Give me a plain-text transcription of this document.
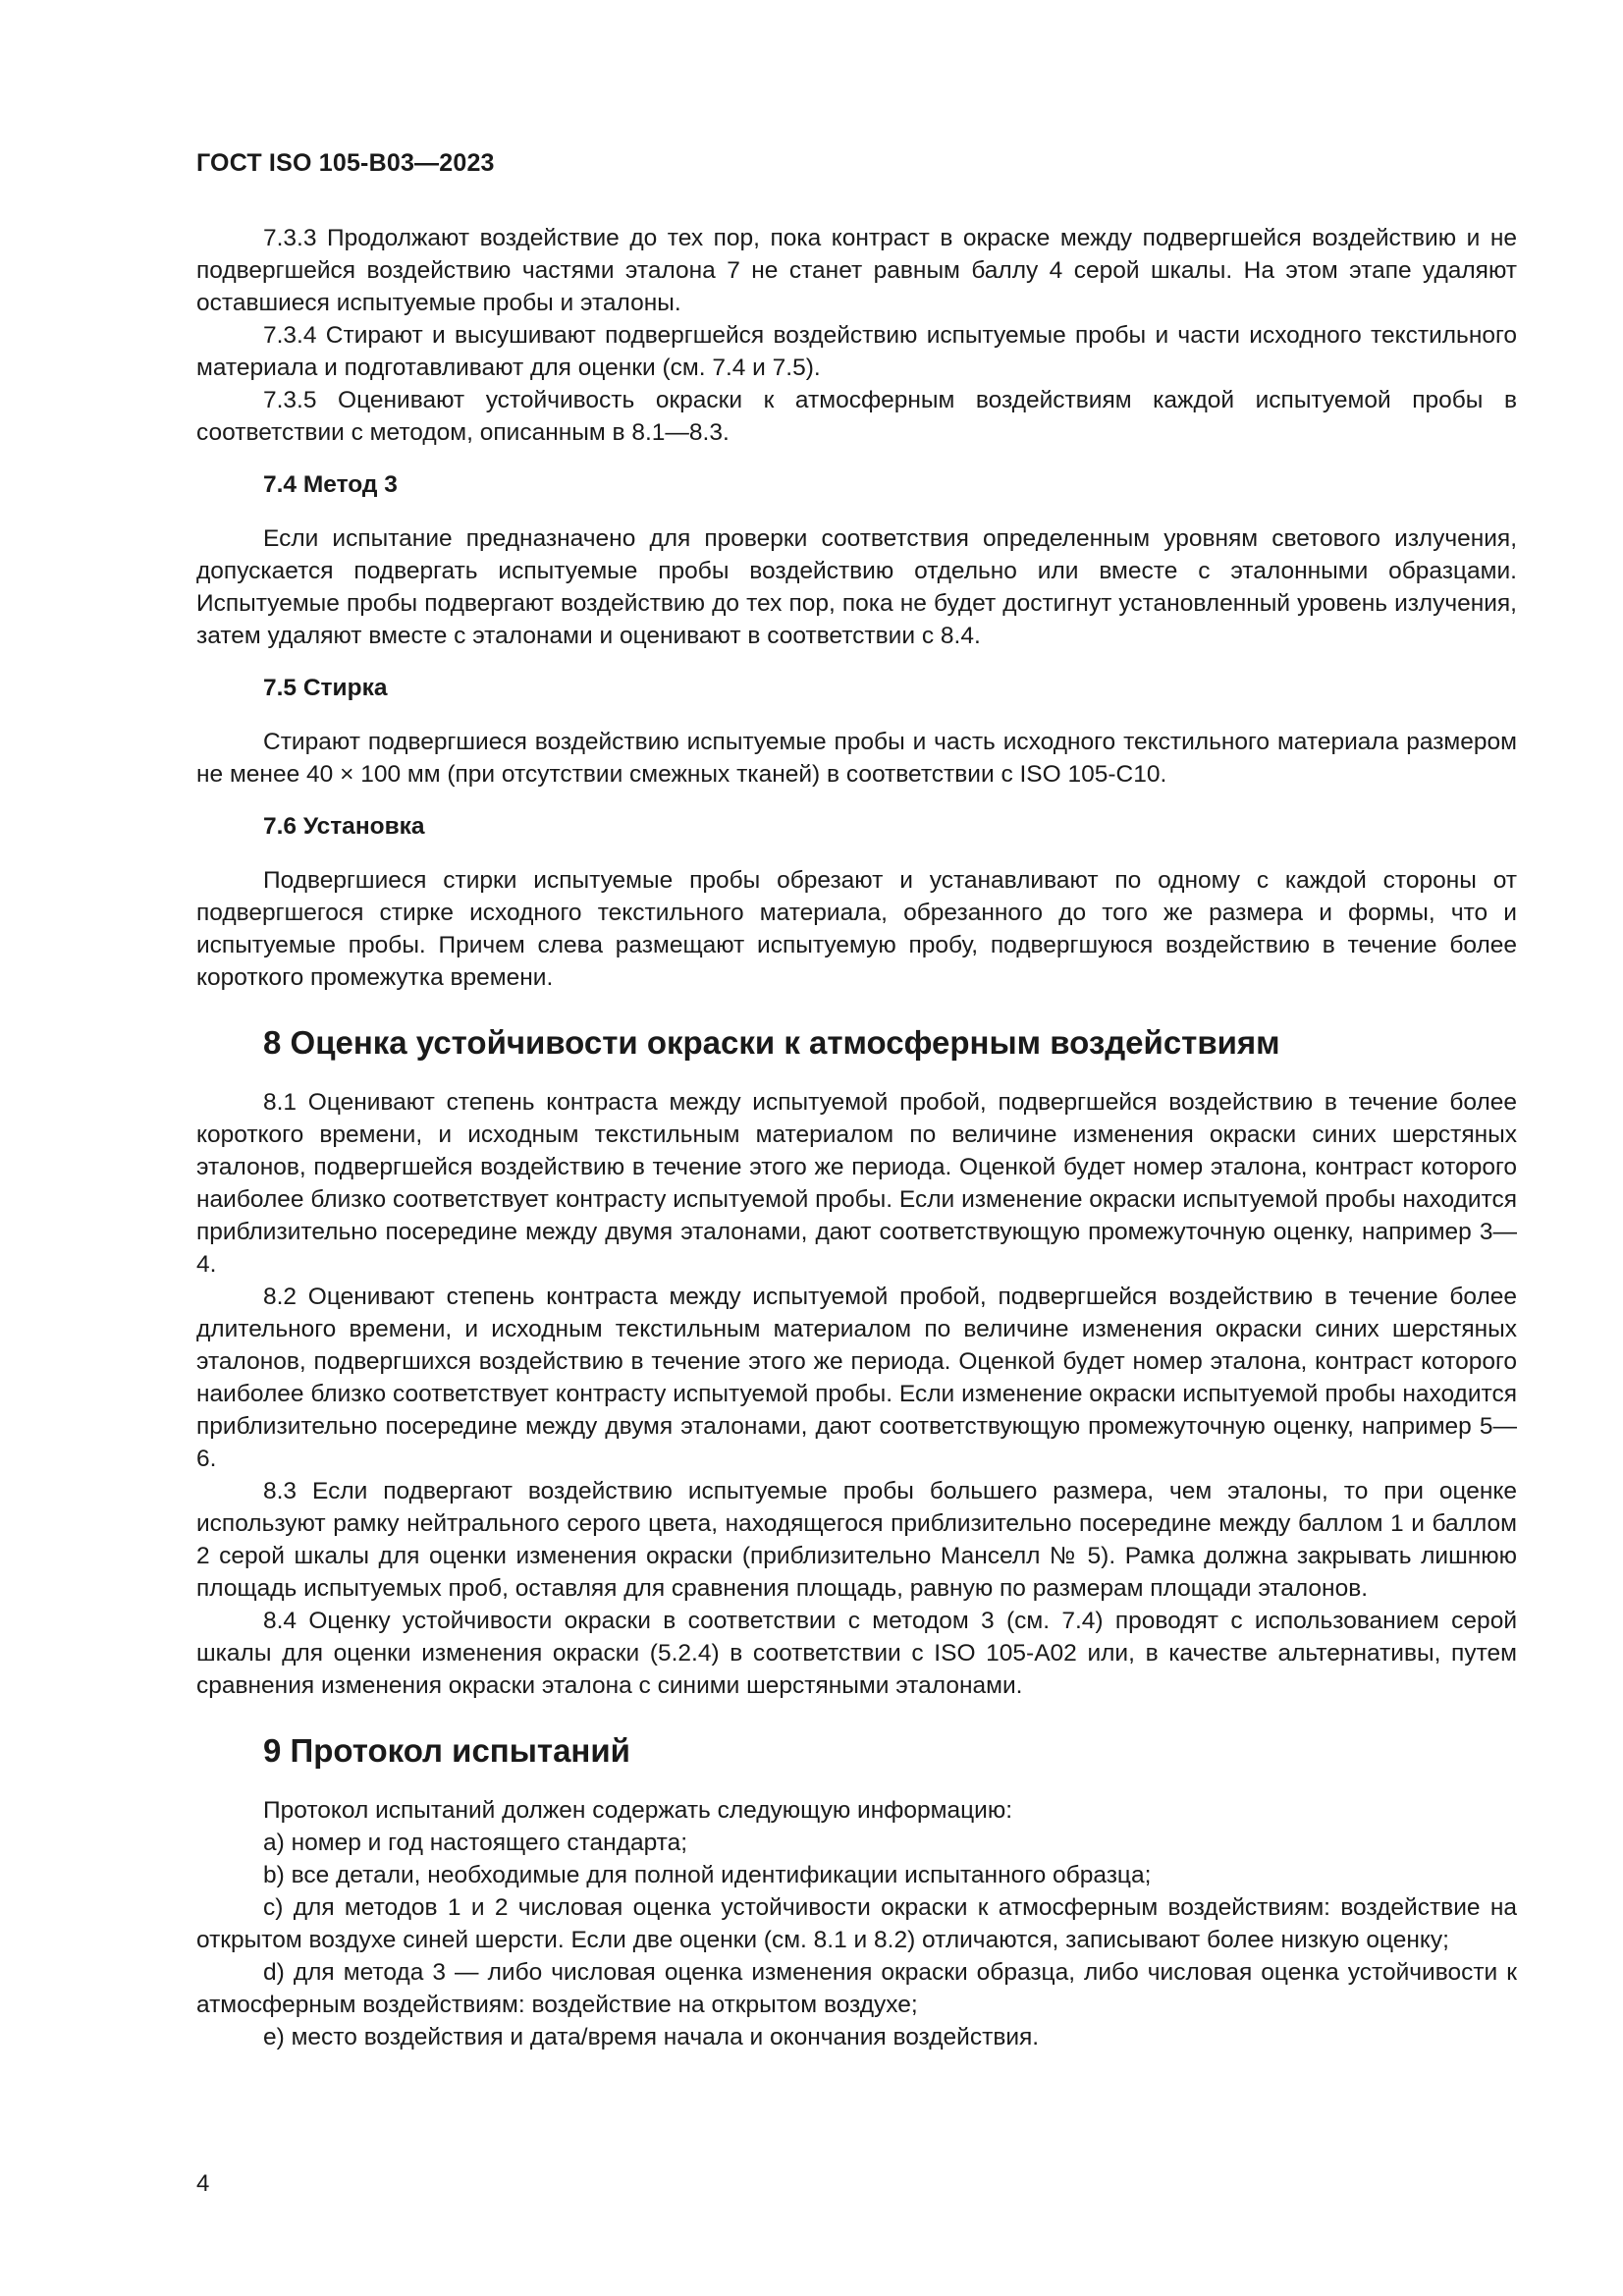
ГОСТ ISO 105-B03—2023

7.3.3 Продолжают воздействие до тех пор, пока контраст в окраске между подвергшейся воздействию и не подвергшейся воздействию частями эталона 7 не станет равным баллу 4 серой шкалы. На этом этапе удаляют оставшиеся испытуемые пробы и эталоны.

7.3.4 Стирают и высушивают подвергшейся воздействию испытуемые пробы и части исходного текстильного материала и подготавливают для оценки (см. 7.4 и 7.5).

7.3.5 Оценивают устойчивость окраски к атмосферным воздействиям каждой испытуемой пробы в соответствии с методом, описанным в 8.1—8.3.

7.4 Метод 3

Если испытание предназначено для проверки соответствия определенным уровням светового излучения, допускается подвергать испытуемые пробы воздействию отдельно или вместе с эталонными образцами. Испытуемые пробы подвергают воздействию до тех пор, пока не будет достигнут установленный уровень излучения, затем удаляют вместе с эталонами и оценивают в соответствии с 8.4.

7.5 Стирка

Стирают подвергшиеся воздействию испытуемые пробы и часть исходного текстильного материала размером не менее 40 × 100 мм (при отсутствии смежных тканей) в соответствии с ISO 105-C10.

7.6 Установка

Подвергшиеся стирки испытуемые пробы обрезают и устанавливают по одному с каждой стороны от подвергшегося стирке исходного текстильного материала, обрезанного до того же размера и формы, что и испытуемые пробы. Причем слева размещают испытуемую пробу, подвергшуюся воздействию в течение более короткого промежутка времени.

8 Оценка устойчивости окраски к атмосферным воздействиям

8.1 Оценивают степень контраста между испытуемой пробой, подвергшейся воздействию в течение более короткого времени, и исходным текстильным материалом по величине изменения окраски синих шерстяных эталонов, подвергшейся воздействию в течение этого же периода. Оценкой будет номер эталона, контраст которого наиболее близко соответствует контрасту испытуемой пробы. Если изменение окраски испытуемой пробы находится приблизительно посередине между двумя эталонами, дают соответствующую промежуточную оценку, например 3—4.

8.2 Оценивают степень контраста между испытуемой пробой, подвергшейся воздействию в течение более длительного времени, и исходным текстильным материалом по величине изменения окраски синих шерстяных эталонов, подвергшихся воздействию в течение этого же периода. Оценкой будет номер эталона, контраст которого наиболее близко соответствует контрасту испытуемой пробы. Если изменение окраски испытуемой пробы находится приблизительно посередине между двумя эталонами, дают соответствующую промежуточную оценку, например 5—6.

8.3 Если подвергают воздействию испытуемые пробы большего размера, чем эталоны, то при оценке используют рамку нейтрального серого цвета, находящегося приблизительно посередине между баллом 1 и баллом 2 серой шкалы для оценки изменения окраски (приблизительно Манселл № 5). Рамка должна закрывать лишнюю площадь испытуемых проб, оставляя для сравнения площадь, равную по размерам площади эталонов.

8.4 Оценку устойчивости окраски в соответствии с методом 3 (см. 7.4) проводят с использованием серой шкалы для оценки изменения окраски (5.2.4) в соответствии с ISO 105-A02 или, в качестве альтернативы, путем сравнения изменения окраски эталона с синими шерстяными эталонами.

9 Протокол испытаний

Протокол испытаний должен содержать следующую информацию:

a) номер и год настоящего стандарта;

b) все детали, необходимые для полной идентификации испытанного образца;

c) для методов 1 и 2 числовая оценка устойчивости окраски к атмосферным воздействиям: воздействие на открытом воздухе синей шерсти. Если две оценки (см. 8.1 и 8.2) отличаются, записывают более низкую оценку;

d) для метода 3 — либо числовая оценка изменения окраски образца, либо числовая оценка устойчивости к атмосферным воздействиям: воздействие на открытом воздухе;

e) место воздействия и дата/время начала и окончания воздействия.

4
